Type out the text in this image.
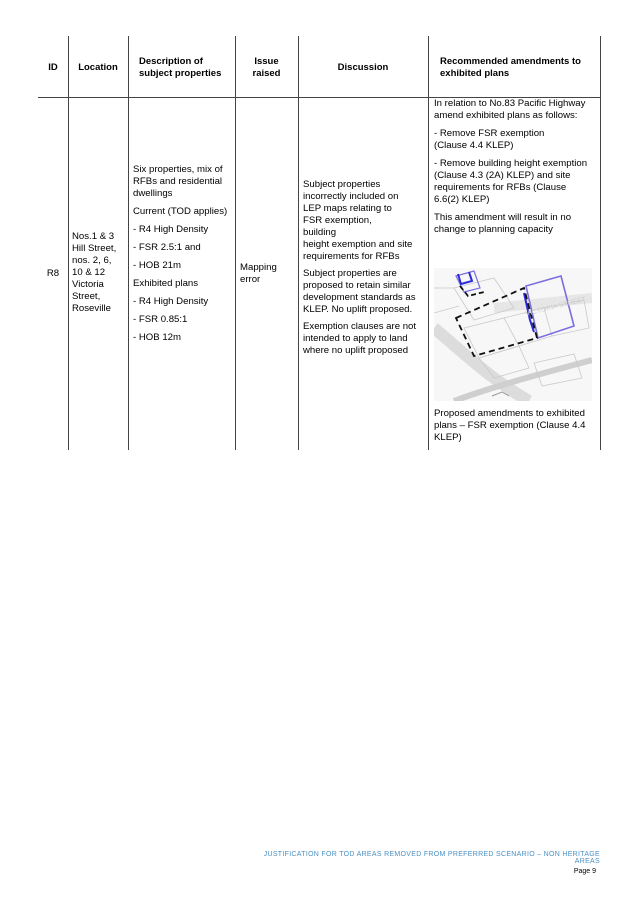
ID	Location
Description of
subject properties
Issue
raised
Discussion
Recommended amendments to
exhibited plans
R8
Nos.1 & 3
Hill Street,
nos. 2, 6,
10 & 12
Victoria
Street,
Roseville
Six properties, mix of
RFBs and residential
dwellings
Current (TOD applies)
- R4 High Density
- FSR 2.5:1 and
- HOB 21m
Exhibited plans
- R4 High Density
- FSR 0.85:1
- HOB 12m
Mapping
error
Subject properties
incorrectly included on
LEP maps relating to
FSR exemption,
building
height exemption and site
requirements for RFBs
Subject properties are
proposed to retain similar
development standards as
KLEP. No uplift proposed.
Exemption clauses are not
intended to apply to land
where no uplift proposed
In relation to No.83 Pacific Highway
amend exhibited plans as follows:
- Remove FSR exemption
(Clause 4.4 KLEP)
- Remove building height exemption
(Clause 4.3 (2A) KLEP) and site
requirements for RFBs (Clause
6.6(2) KLEP)
This amendment will result in no
change to planning capacity
VICTORIA STREET
Proposed amendments to exhibited
plans – FSR exemption (Clause 4.4
KLEP)
JUSTIFICATION FOR TOD AREAS REMOVED FROM PREFERRED SCENARIO – NON HERITAGE AREAS
Page 9
